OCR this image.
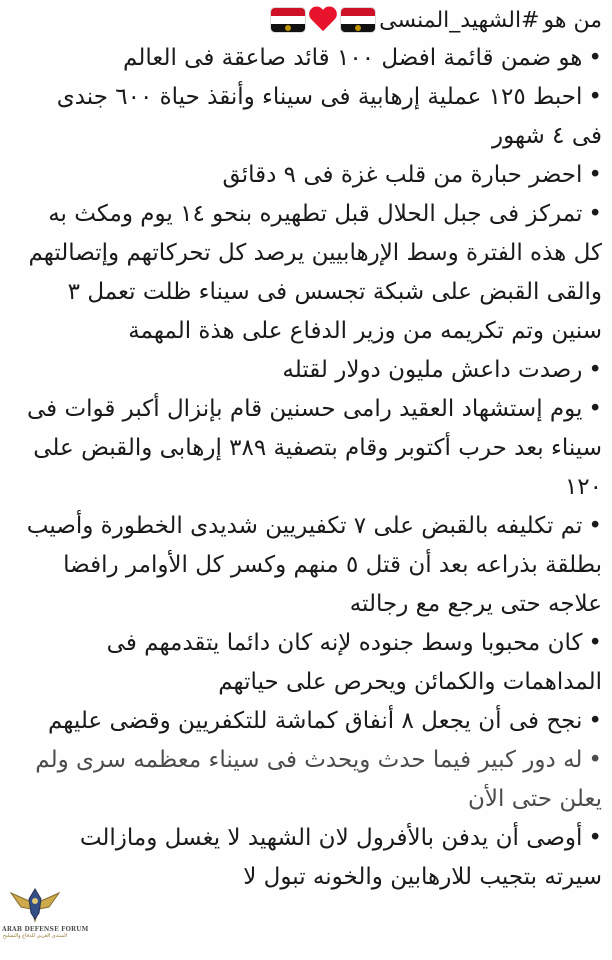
من هو
#الشهيد_المنسى
•هو ضمن قائمة افضل ١٠٠ قائد صاعقة فى العالم
•احبط ١٢٥ عملية إرهابية فى سيناء وأنقذ حياة ٦٠٠ جندى فى ٤ شهور
•احضر حبارة من قلب غزة فى ٩ دقائق
•تمركز فى جبل الحلال قبل تطهيره بنحو ١٤ يوم ومكث به كل هذه الفترة وسط الإرهابيين يرصد كل تحركاتهم وإتصالتهم
والقى القبض على شبكة تجسس فى سيناء ظلت تعمل ٣ سنين وتم تكريمه من وزير الدفاع على هذة المهمة
•رصدت داعش مليون دولار لقتله
•يوم إستشهاد العقيد رامى حسنين قام بإنزال أكبر قوات فى سيناء بعد حرب أكتوبر وقام بتصفية ٣٨٩ إرهابى والقبض على ١٢٠
•تم تكليفه بالقبض على ٧ تكفيريين شديدى الخطورة وأصيب بطلقة بذراعه بعد أن قتل ٥ منهم وكسر كل الأوامر رافضا علاجه حتى يرجع مع رجالته
•كان محبوبا وسط جنوده لإنه كان دائما يتقدمهم فى المداهمات والكمائن ويحرص على حياتهم
•نجح فى أن يجعل ٨ أنفاق كماشة للتكفريين وقضى عليهم
•له دور كبير فيما حدث ويحدث فى سيناء معظمه سرى ولم يعلن حتى الأن
•أوصى أن يدفن بالأفرول لان الشهيد لا يغسل ومازالت سيرته بتجيب للارهابين والخونه تبول لا
ARAB DEFENSE FORUM
المنتدى العربي للدفاع والتسليح
